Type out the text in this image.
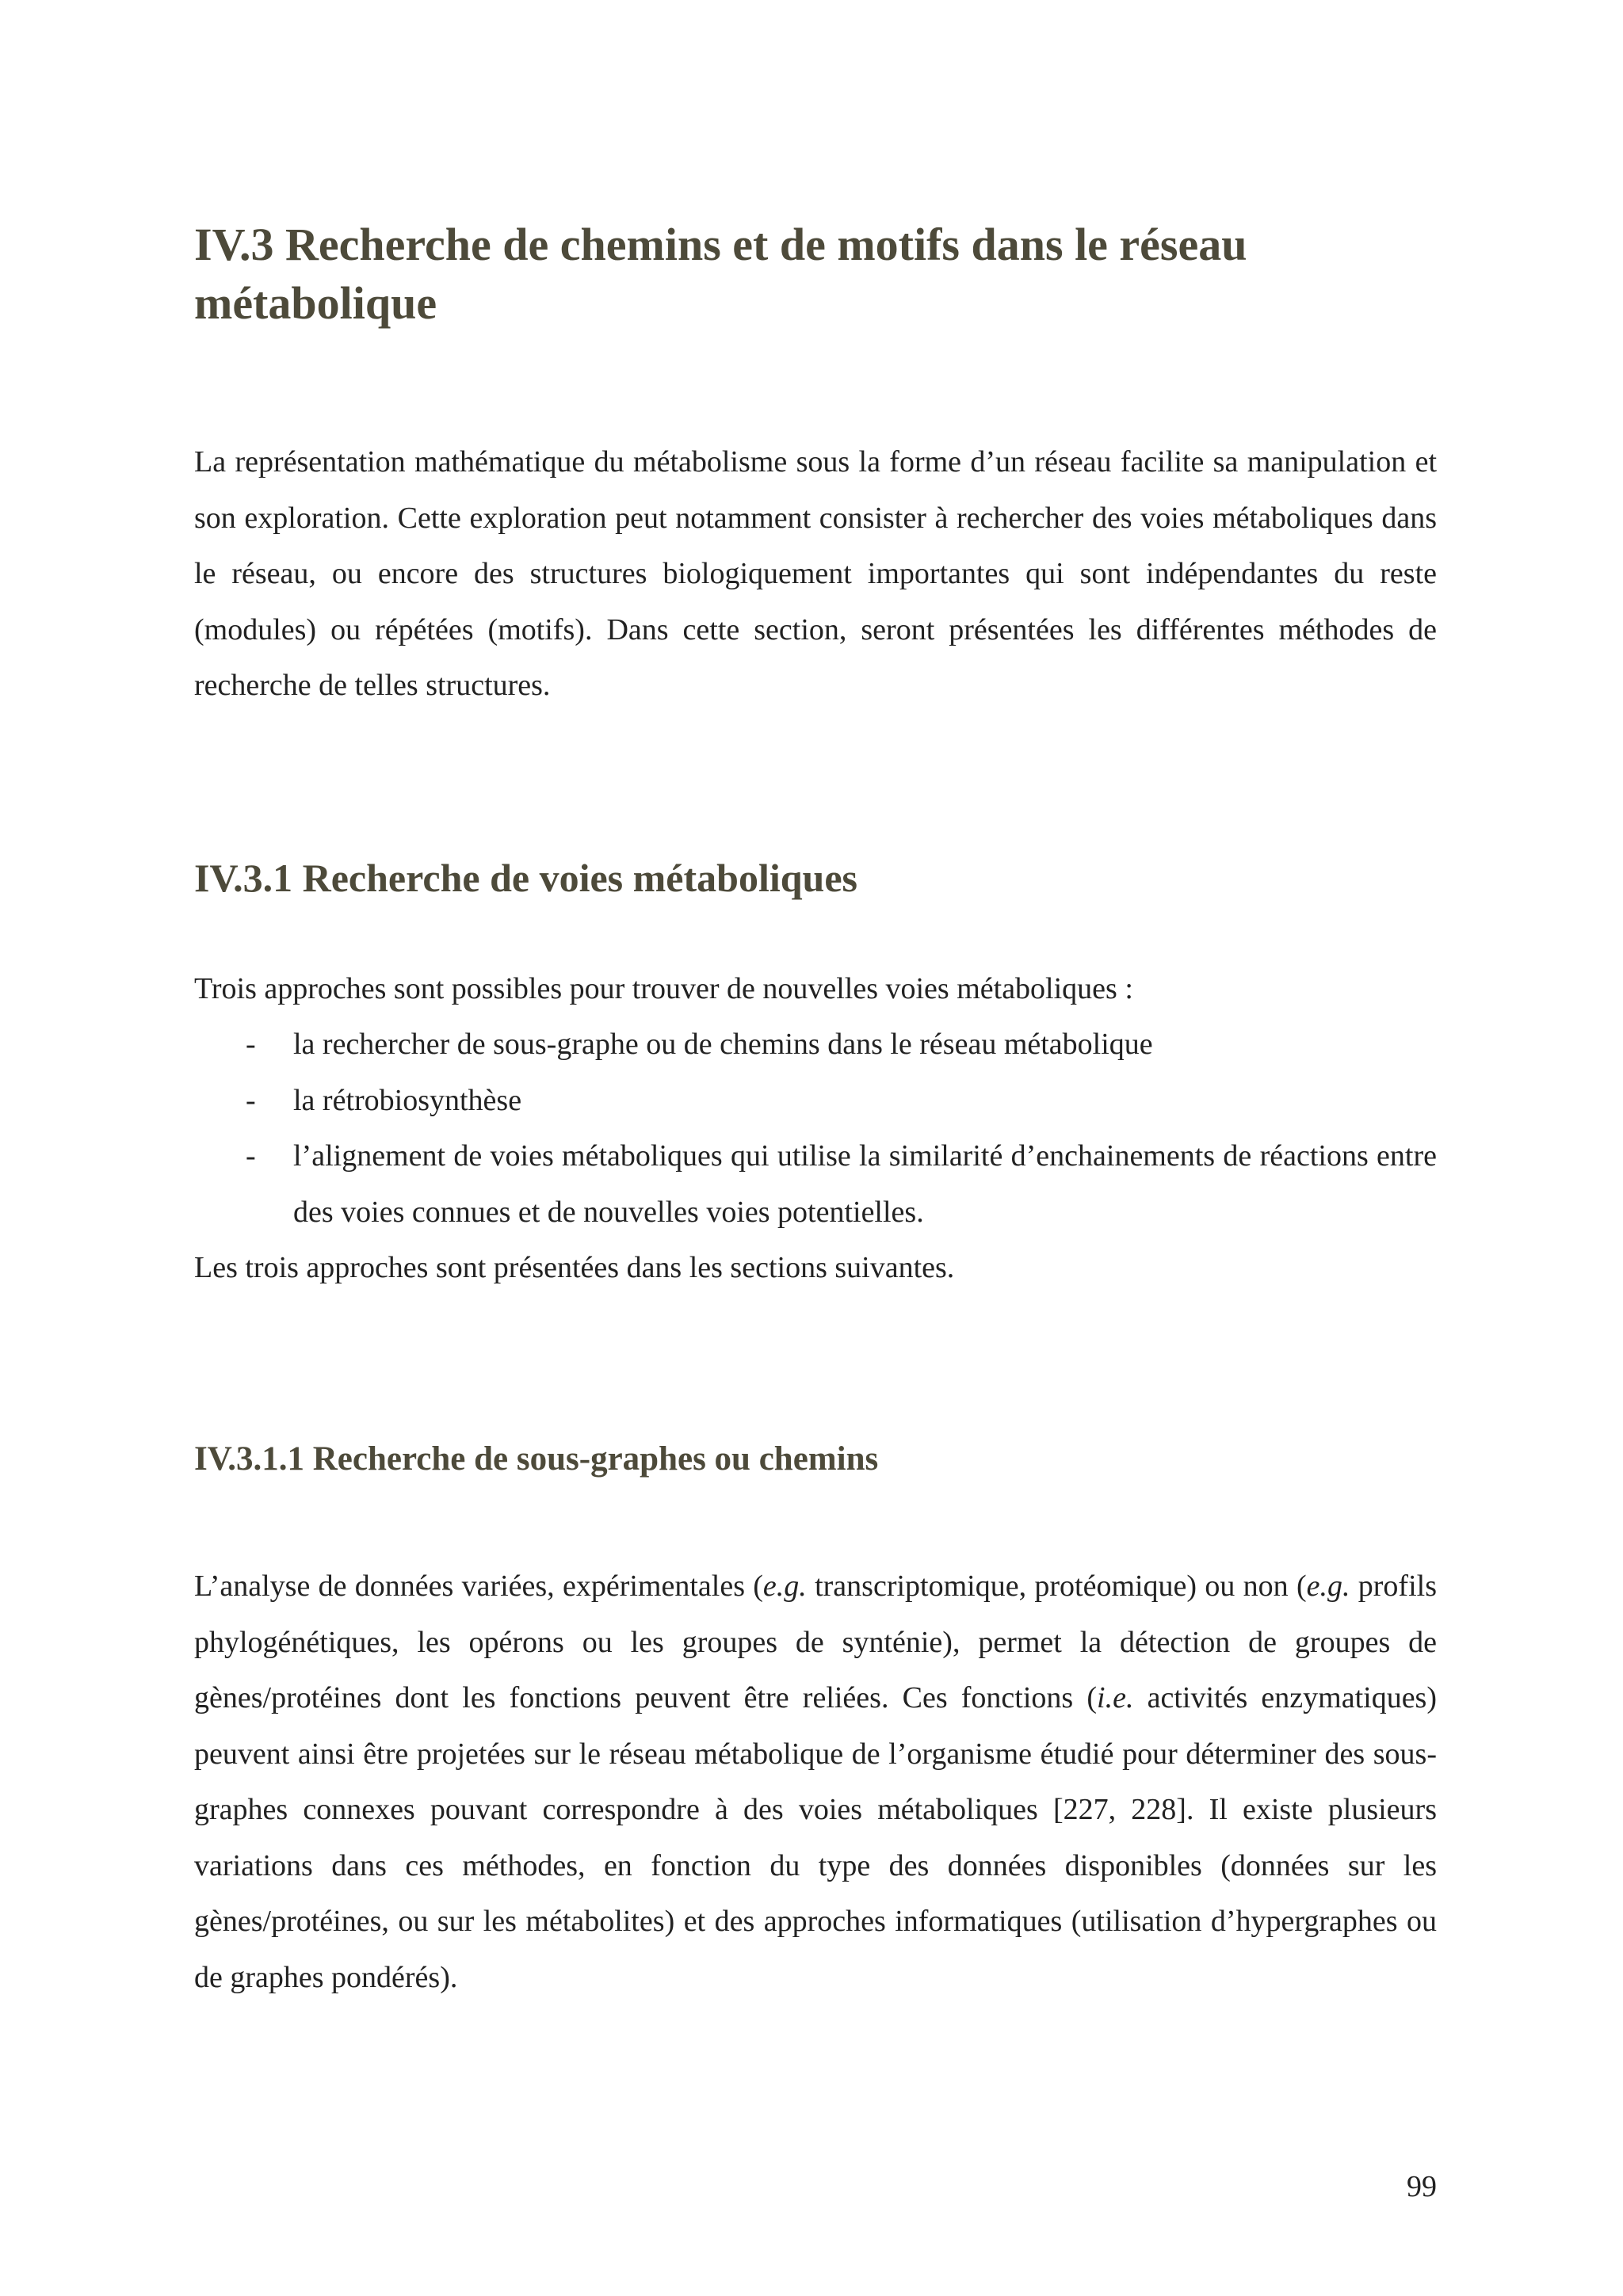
IV.3 Recherche de chemins et de motifs dans le réseau métabolique

La représentation mathématique du métabolisme sous la forme d’un réseau facilite sa manipulation et son exploration. Cette exploration peut notamment consister à rechercher des voies métaboliques dans le réseau, ou encore des structures biologiquement importantes qui sont indépendantes du reste (modules) ou répétées (motifs). Dans cette section, seront présentées les différentes méthodes de recherche de telles structures.

IV.3.1 Recherche de voies métaboliques

Trois approches sont possibles pour trouver de nouvelles voies métaboliques :

- la rechercher de sous-graphe ou de chemins dans le réseau métabolique
- la rétrobiosynthèse
- l’alignement de voies métaboliques qui utilise la similarité d’enchainements de réactions entre des voies connues et de nouvelles voies potentielles.

Les trois approches sont présentées dans les sections suivantes.

IV.3.1.1 Recherche de sous-graphes ou chemins

L’analyse de données variées, expérimentales (e.g. transcriptomique, protéomique) ou non (e.g. profils phylogénétiques, les opérons ou les groupes de synténie), permet la détection de groupes de gènes/protéines dont les fonctions peuvent être reliées. Ces fonctions (i.e. activités enzymatiques) peuvent ainsi être projetées sur le réseau métabolique de l’organisme étudié pour déterminer des sous-graphes connexes pouvant correspondre à des voies métaboliques [227, 228]. Il existe plusieurs variations dans ces méthodes, en fonction du type des données disponibles (données sur les gènes/protéines, ou sur les métabolites) et des approches informatiques (utilisation d’hypergraphes ou de graphes pondérés).

99
